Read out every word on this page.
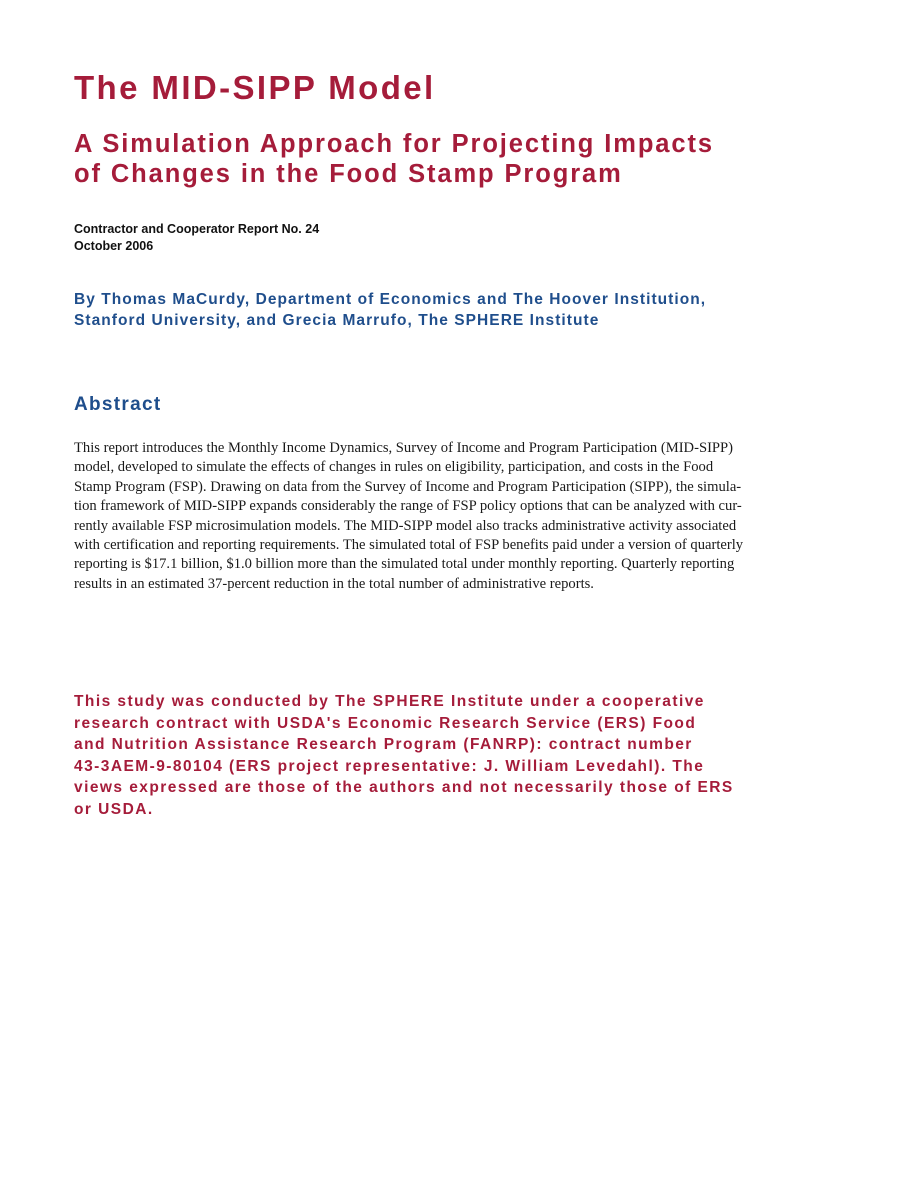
The MID-SIPP Model
A Simulation Approach for Projecting Impacts
of Changes in the Food Stamp Program
Contractor and Cooperator Report No. 24
October 2006
By Thomas MaCurdy, Department of Economics and The Hoover Institution,
Stanford University, and Grecia Marrufo, The SPHERE Institute
Abstract
This report introduces the Monthly Income Dynamics, Survey of Income and Program Participation (MID-SIPP)
model, developed to simulate the effects of changes in rules on eligibility, participation, and costs in the Food
Stamp Program (FSP). Drawing on data from the Survey of Income and Program Participation (SIPP), the simula-
tion framework of MID-SIPP expands considerably the range of FSP policy options that can be analyzed with cur-
rently available FSP microsimulation models. The MID-SIPP model also tracks administrative activity associated
with certification and reporting requirements. The simulated total of FSP benefits paid under a version of quarterly
reporting is $17.1 billion, $1.0 billion more than the simulated total under monthly reporting. Quarterly reporting
results in an estimated 37-percent reduction in the total number of administrative reports.
This study was conducted by The SPHERE Institute under a cooperative
research contract with USDA's Economic Research Service (ERS) Food
and Nutrition Assistance Research Program (FANRP): contract number
43-3AEM-9-80104 (ERS project representative: J. William Levedahl). The
views expressed are those of the authors and not necessarily those of ERS
or USDA.
